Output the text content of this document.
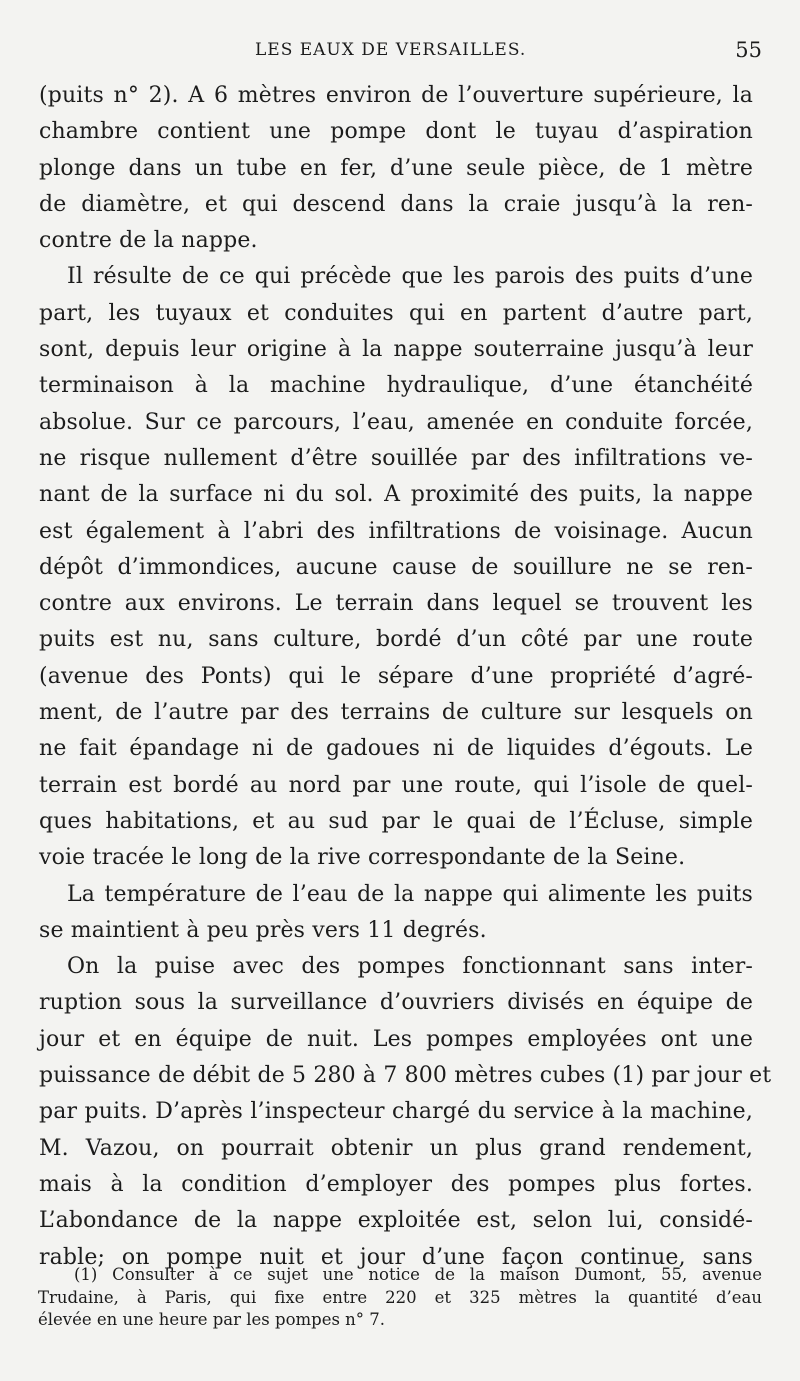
LES EAUX DE VERSAILLES.	55

(puits n° 2). A 6 mètres environ de l’ouverture supérieure, la
chambre contient une pompe dont le tuyau d’aspiration
plonge dans un tube en fer, d’une seule pièce, de 1 mètre
de diamètre, et qui descend dans la craie jusqu’à la ren-
contre de la nappe.

Il résulte de ce qui précède que les parois des puits d’une
part, les tuyaux et conduites qui en partent d’autre part,
sont, depuis leur origine à la nappe souterraine jusqu’à leur
terminaison à la machine hydraulique, d’une étanchéité
absolue. Sur ce parcours, l’eau, amenée en conduite forcée,
ne risque nullement d’être souillée par des infiltrations ve-
nant de la surface ni du sol. A proximité des puits, la nappe
est également à l’abri des infiltrations de voisinage. Aucun
dépôt d’immondices, aucune cause de souillure ne se ren-
contre aux environs. Le terrain dans lequel se trouvent les
puits est nu, sans culture, bordé d’un côté par une route
(avenue des Ponts) qui le sépare d’une propriété d’agré-
ment, de l’autre par des terrains de culture sur lesquels on
ne fait épandage ni de gadoues ni de liquides d’égouts. Le
terrain est bordé au nord par une route, qui l’isole de quel-
ques habitations, et au sud par le quai de l’Écluse, simple
voie tracée le long de la rive correspondante de la Seine.

La température de l’eau de la nappe qui alimente les puits
se maintient à peu près vers 11 degrés.

On la puise avec des pompes fonctionnant sans inter-
ruption sous la surveillance d’ouvriers divisés en équipe de
jour et en équipe de nuit. Les pompes employées ont une
puissance de débit de 5 280 à 7 800 mètres cubes (1) par jour et
par puits. D’après l’inspecteur chargé du service à la machine,
M. Vazou, on pourrait obtenir un plus grand rendement,
mais à la condition d’employer des pompes plus fortes.
L’abondance de la nappe exploitée est, selon lui, considé-
rable; on pompe nuit et jour d’une façon continue, sans

(1) Consulter à ce sujet une notice de la maison Dumont, 55, avenue
Trudaine, à Paris, qui fixe entre 220 et 325 mètres la quantité d’eau
élevée en une heure par les pompes n° 7.
